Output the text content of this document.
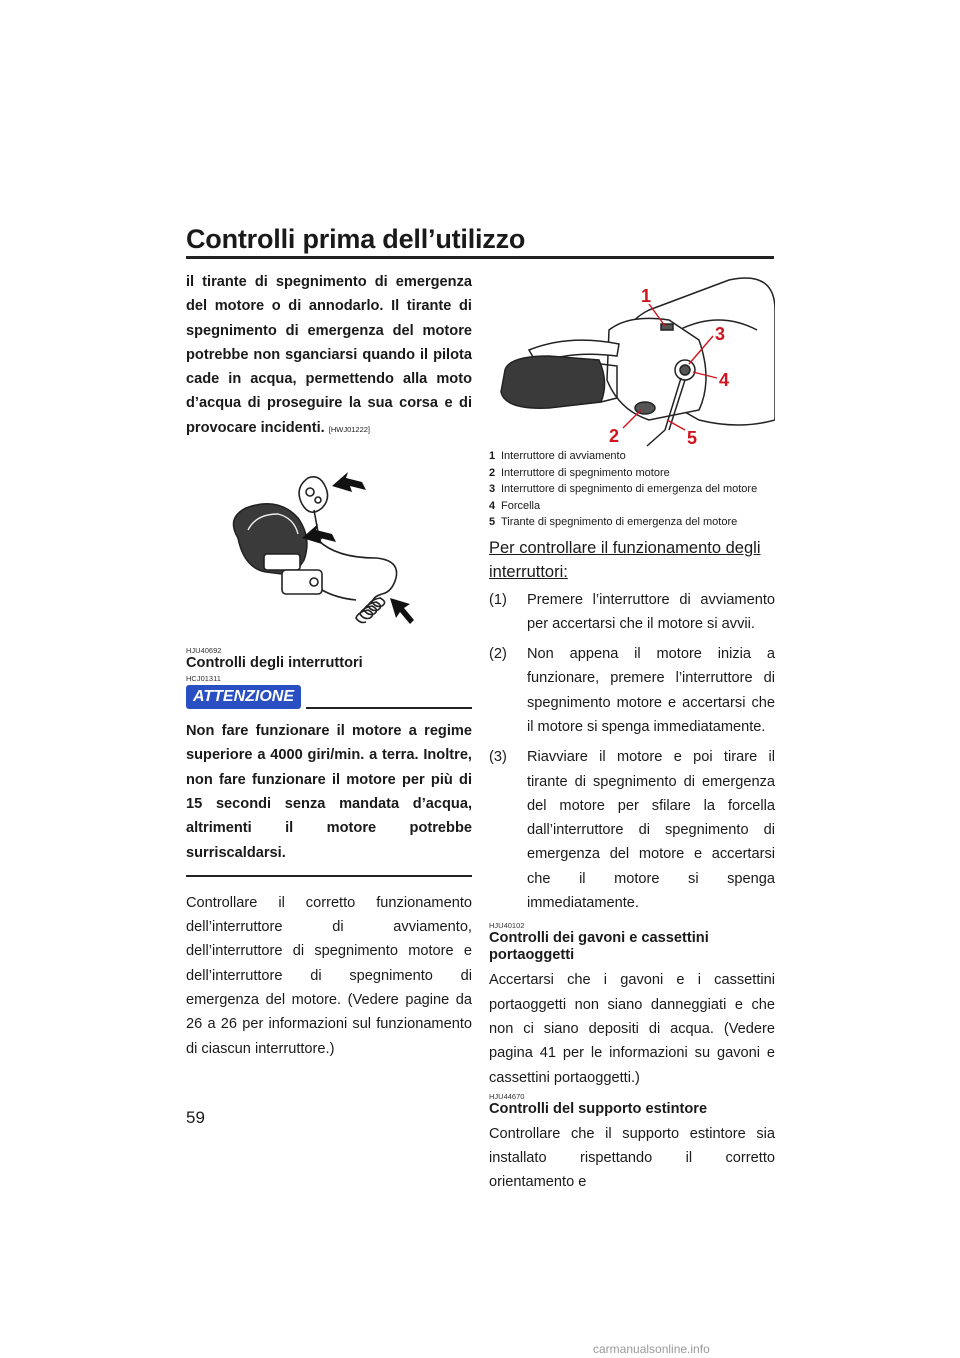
Controlli prima dell’utilizzo

il tirante di spegnimento di emergenza del motore o di annodarlo. Il tirante di spegnimento di emergenza del motore potrebbe non sganciarsi quando il pilota cade in acqua, permettendo alla moto d’acqua di proseguire la sua corsa e di provocare incidenti. [HWJ01222]

HJU40692
Controlli degli interruttori
HCJ01311
ATTENZIONE

Non fare funzionare il motore a regime superiore a 4000 giri/min. a terra. Inoltre, non fare funzionare il motore per più di 15 secondi senza mandata d’acqua, altrimenti il motore potrebbe surriscaldarsi.

Controllare il corretto funzionamento dell’interruttore di avviamento, dell’interruttore di spegnimento motore e dell’interruttore di spegnimento di emergenza del motore. (Vedere pagine da 26 a 26 per informazioni sul funzionamento di ciascun interruttore.)

1
3
4
2	5
1 Interruttore di avviamento
2 Interruttore di spegnimento motore
3 Interruttore di spegnimento di emergenza del motore
4 Forcella
5 Tirante di spegnimento di emergenza del motore
Per controllare il funzionamento degli interruttori:
(1) Premere l’interruttore di avviamento per accertarsi che il motore si avvii.
(2) Non appena il motore inizia a funzionare, premere l’interruttore di spegnimento motore e accertarsi che il motore si spenga immediatamente.
(3) Riavviare il motore e poi tirare il tirante di spegnimento di emergenza del motore per sfilare la forcella dall’interruttore di spegnimento di emergenza del motore e accertarsi che il motore si spenga immediatamente.
HJU40102
Controlli dei gavoni e cassettini portaoggetti

Accertarsi che i gavoni e i cassettini portaoggetti non siano danneggiati e che non ci siano depositi di acqua. (Vedere pagina 41 per le informazioni su gavoni e cassettini portaoggetti.)

HJU44670
Controlli del supporto estintore

Controllare che il supporto estintore sia installato rispettando il corretto orientamento e

59
carmanualsonline.info
